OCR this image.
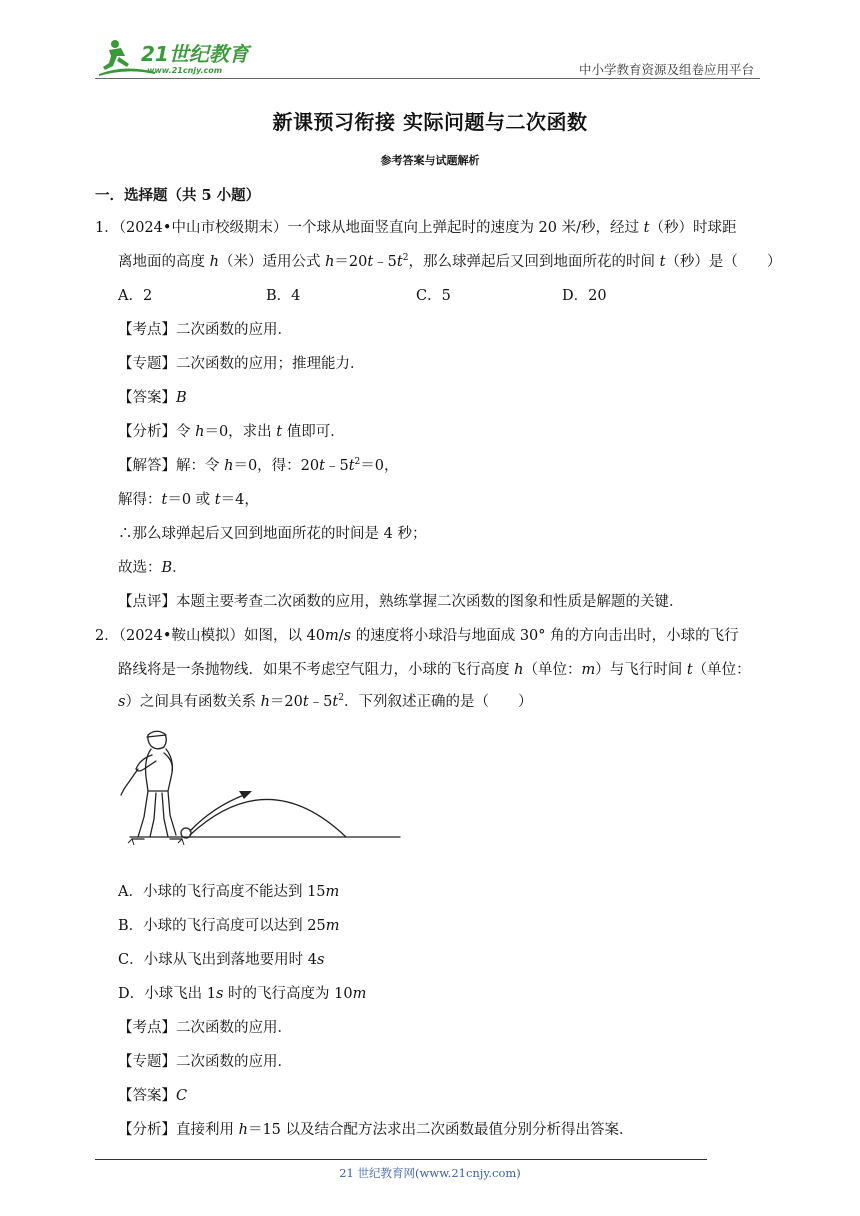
21世纪教育
www.21cnjy.com	中小学教育资源及组卷应用平台
新课预习衔接 实际问题与二次函数
参考答案与试题解析
一．选择题（共 5 小题）
1．（2024•中山市校级期末）一个球从地面竖直向上弹起时的速度为 20 米/秒，经过 t（秒）时球距
离地面的高度 h（米）适用公式 $h=20t﹣5t^2$，那么球弹起后又回到地面所花的时间 t（秒）是（　　）
A．2	B．4	C．5	D．20
【考点】二次函数的应用．
【专题】二次函数的应用；推理能力．
【答案】B
【分析】令 h＝0，求出 t 值即可．
【解答】解：令 h＝0，得：$20t﹣5t^2=0$，
解得：t＝0 或 t＝4，
∴那么球弹起后又回到地面所花的时间是 4 秒；
故选：B．
【点评】本题主要考查二次函数的应用，熟练掌握二次函数的图象和性质是解题的关键．
2．（2024•鞍山模拟）如图，以 40m/s 的速度将小球沿与地面成 30° 角的方向击出时，小球的飞行
路线将是一条抛物线．如果不考虑空气阻力，小球的飞行高度 h（单位：m）与飞行时间 t（单位：
s）之间具有函数关系 $h=20t﹣5t^2$．下列叙述正确的是（　　）
A．小球的飞行高度不能达到 15m
B．小球的飞行高度可以达到 25m
C．小球从飞出到落地要用时 4s
D．小球飞出 1s 时的飞行高度为 10m
【考点】二次函数的应用．
【专题】二次函数的应用．
【答案】C
【分析】直接利用 h＝15 以及结合配方法求出二次函数最值分别分析得出答案．
21 世纪教育网(www.21cnjy.com)
